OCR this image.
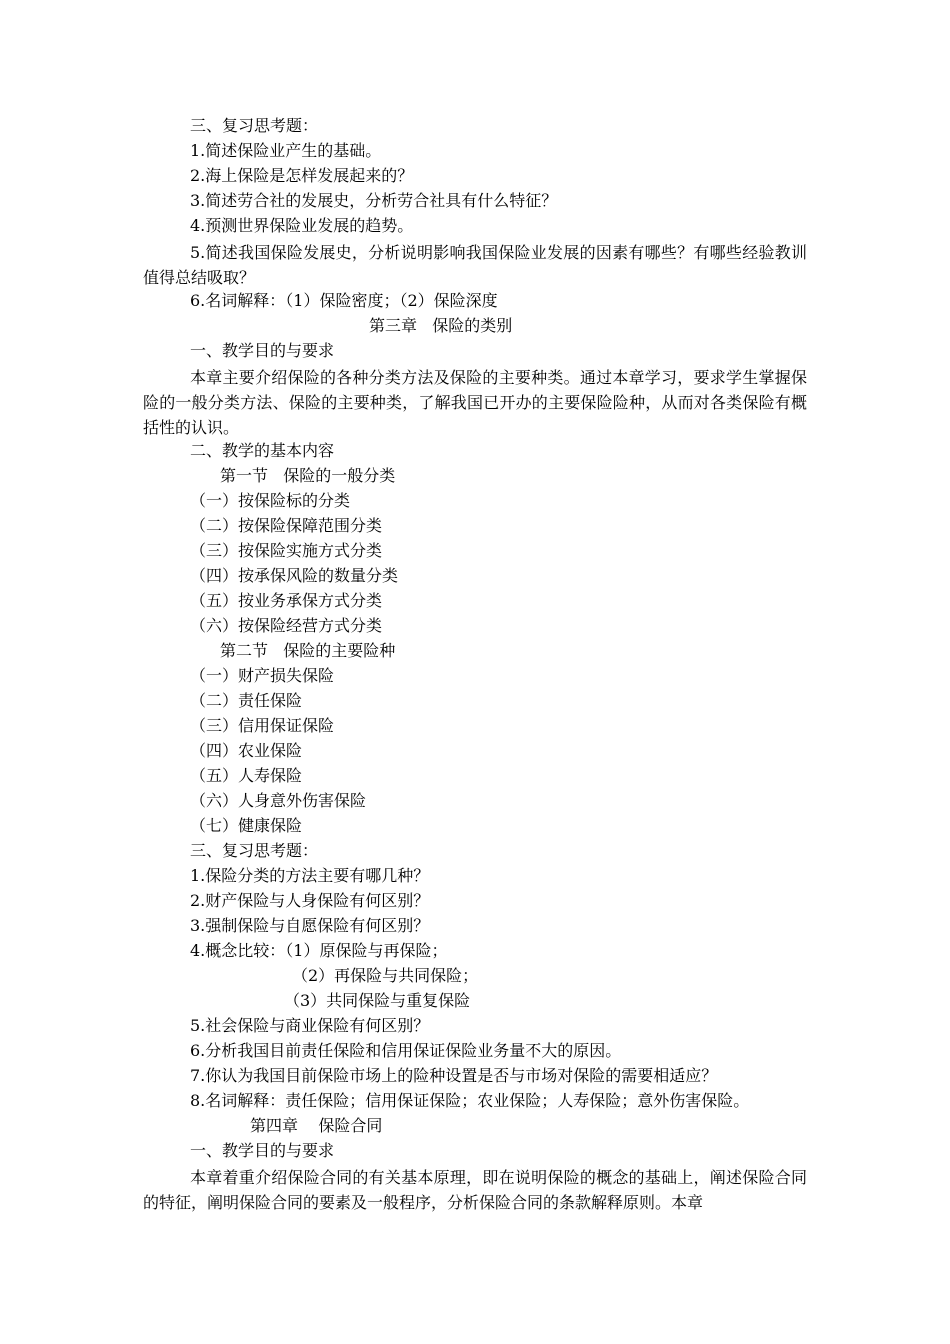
三、复习思考题：
1.简述保险业产生的基础。
2.海上保险是怎样发展起来的？
3.简述劳合社的发展史，分析劳合社具有什么特征？
4.预测世界保险业发展的趋势。
5.简述我国保险发展史，分析说明影响我国保险业发展的因素有哪些？有哪些经验教训值得总结吸取？
6.名词解释：（1）保险密度；（2）保险深度
第三章   保险的类别
一、教学目的与要求
本章主要介绍保险的各种分类方法及保险的主要种类。通过本章学习，要求学生掌握保险的一般分类方法、保险的主要种类，了解我国已开办的主要保险险种，从而对各类保险有概括性的认识。
二、教学的基本内容
第一节   保险的一般分类
（一）按保险标的分类
（二）按保险保障范围分类
（三）按保险实施方式分类
（四）按承保风险的数量分类
（五）按业务承保方式分类
（六）按保险经营方式分类
第二节   保险的主要险种
（一）财产损失保险
（二）责任保险
（三）信用保证保险
（四）农业保险
（五）人寿保险
（六）人身意外伤害保险
（七）健康保险
三、复习思考题：
1.保险分类的方法主要有哪几种？
2.财产保险与人身保险有何区别？
3.强制保险与自愿保险有何区别？
4.概念比较：（1）原保险与再保险；
（2）再保险与共同保险；
（3）共同保险与重复保险
5.社会保险与商业保险有何区别？
6.分析我国目前责任保险和信用保证保险业务量不大的原因。
7.你认为我国目前保险市场上的险种设置是否与市场对保险的需要相适应？
8.名词解释：责任保险；信用保证保险；农业保险；人寿保险；意外伤害保险。
第四章    保险合同
一、教学目的与要求
本章着重介绍保险合同的有关基本原理，即在说明保险的概念的基础上，阐述保险合同的特征，阐明保险合同的要素及一般程序，分析保险合同的条款解释原则。本章
